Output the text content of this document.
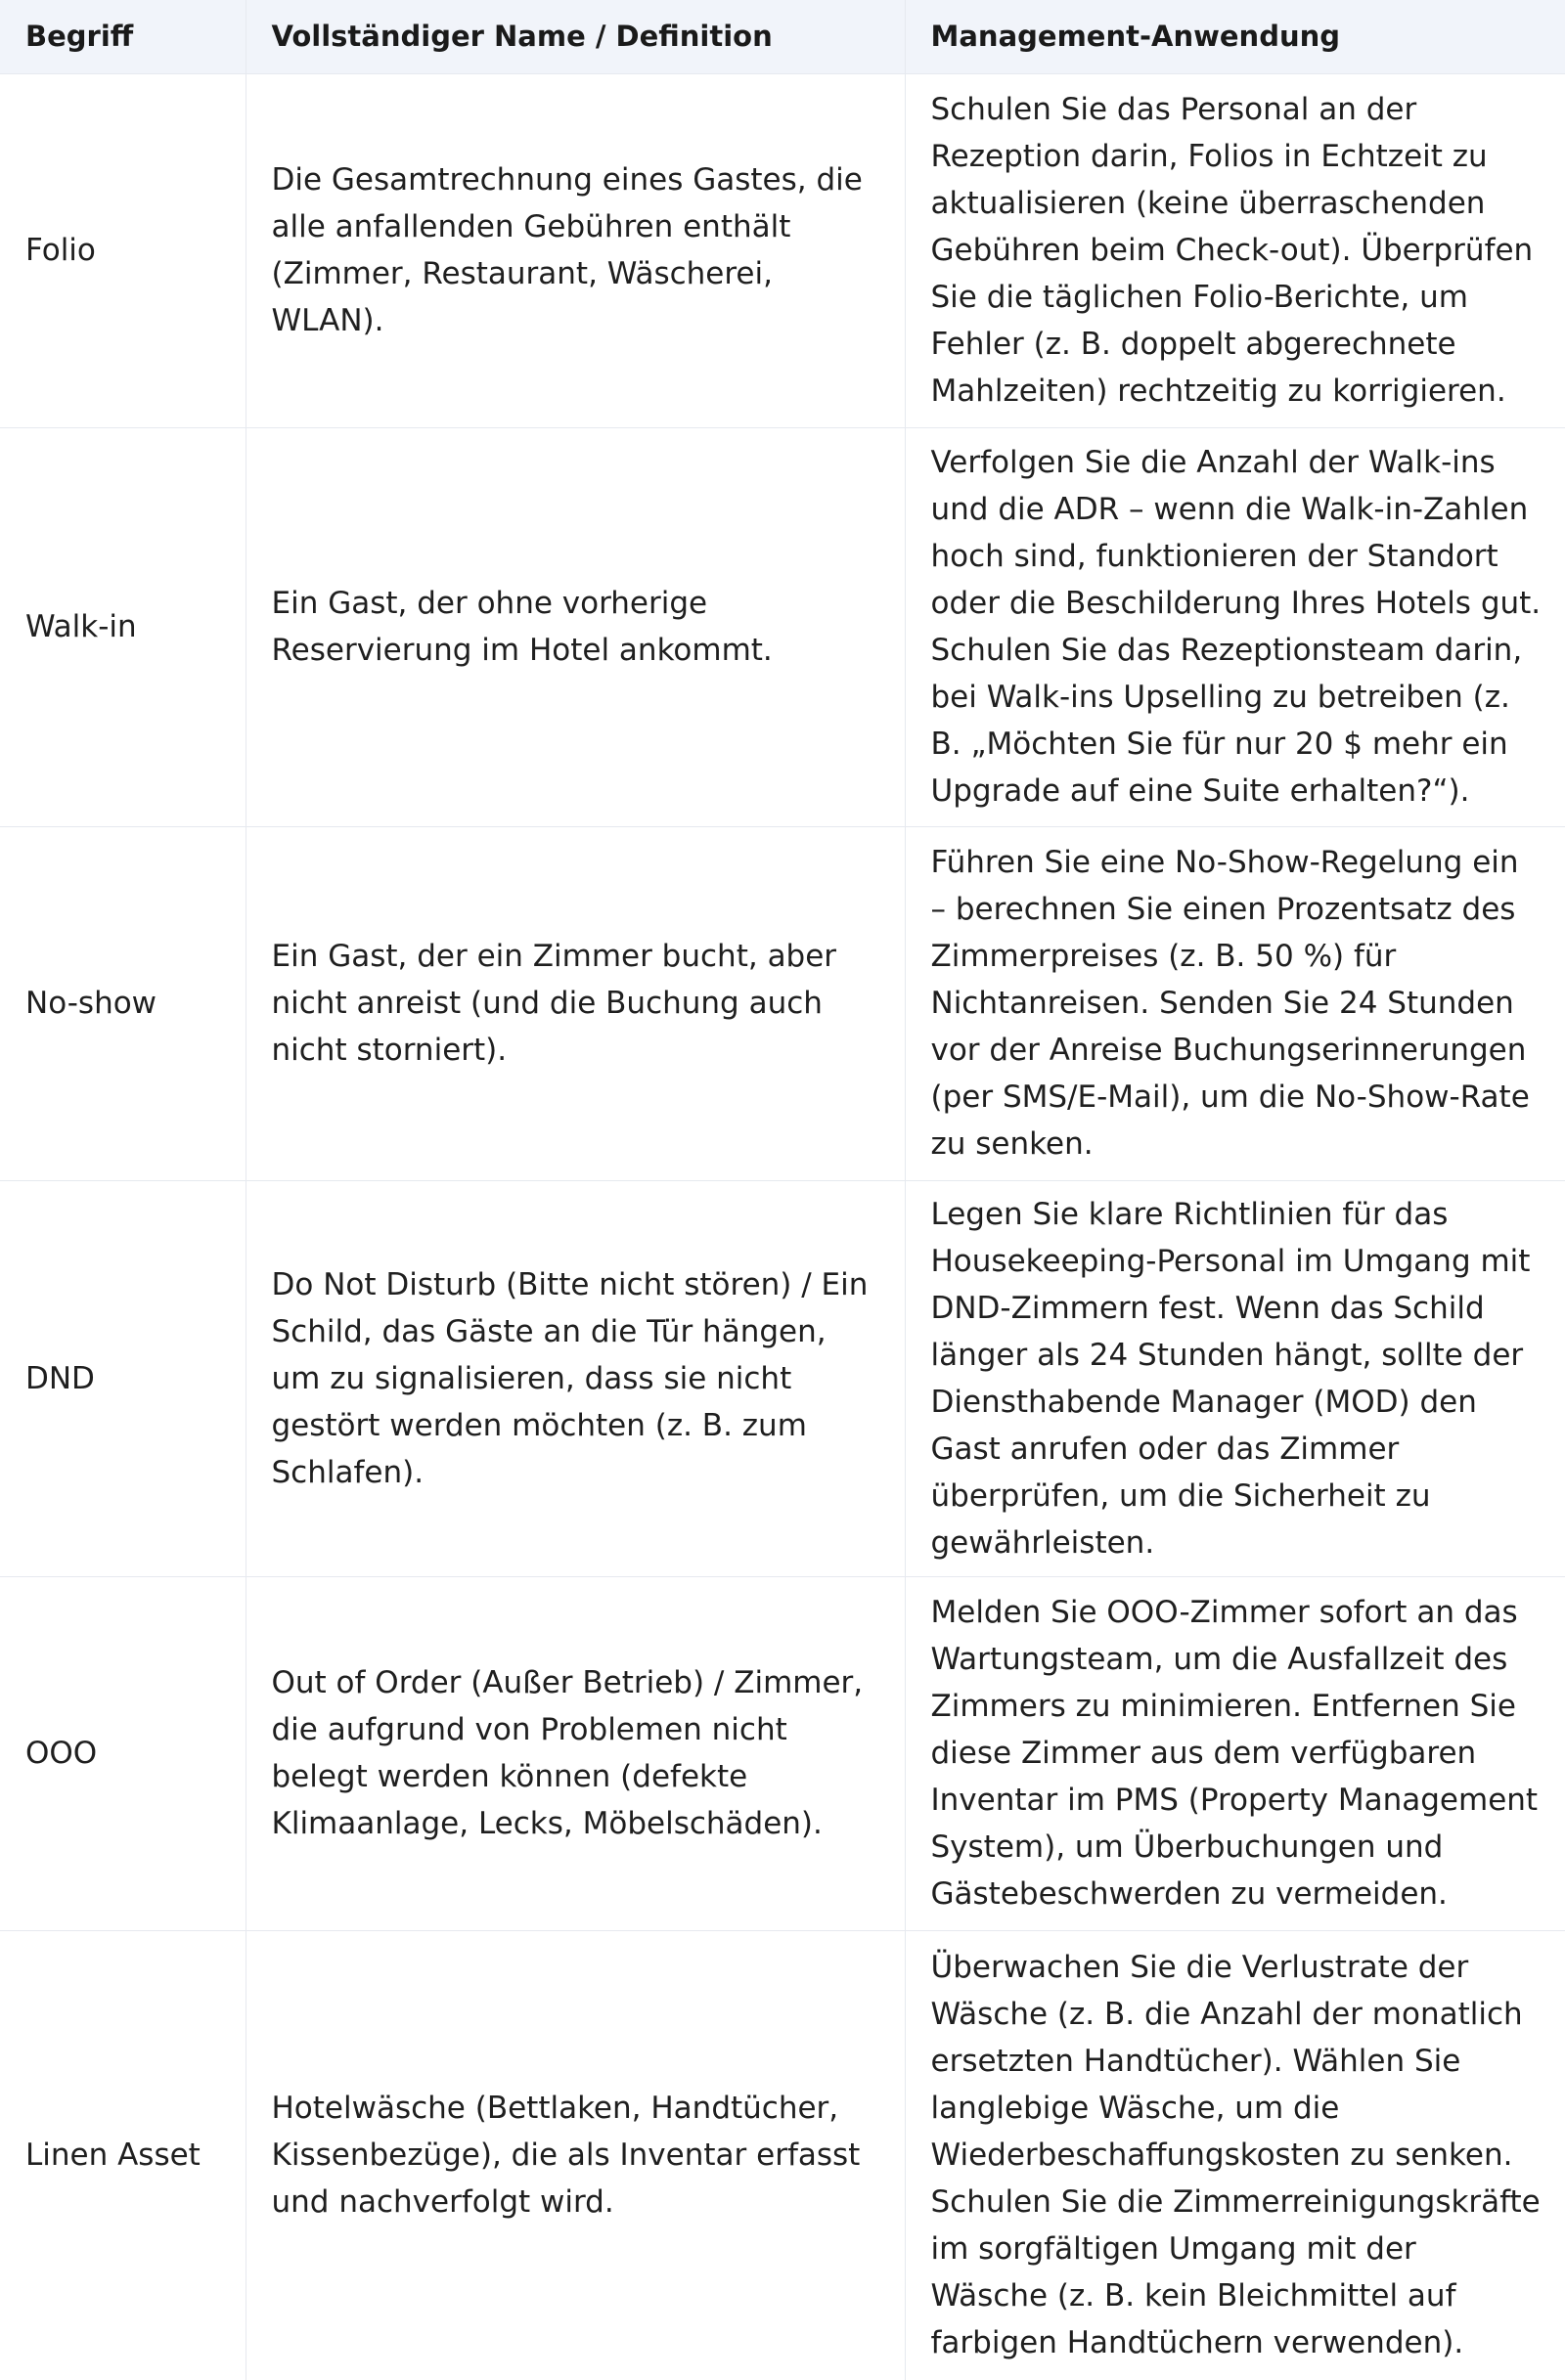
Begriff	Vollständiger Name / Definition	Management-Anwendung
Folio	Die Gesamtrechnung eines Gastes, die alle anfallenden Gebühren enthält (Zimmer, Restaurant, Wäscherei, WLAN).	Schulen Sie das Personal an der Rezeption darin, Folios in Echtzeit zu aktualisieren (keine überraschenden Gebühren beim Check-out). Überprüfen Sie die täglichen Folio-Berichte, um Fehler (z. B. doppelt abgerechnete Mahlzeiten) rechtzeitig zu korrigieren.
Walk-in	Ein Gast, der ohne vorherige Reservierung im Hotel ankommt.	Verfolgen Sie die Anzahl der Walk-ins und die ADR – wenn die Walk-in-Zahlen hoch sind, funktionieren der Standort oder die Beschilderung Ihres Hotels gut. Schulen Sie das Rezeptionsteam darin, bei Walk-ins Upselling zu betreiben (z. B. „Möchten Sie für nur 20 $ mehr ein Upgrade auf eine Suite erhalten?“).
No-show	Ein Gast, der ein Zimmer bucht, aber nicht anreist (und die Buchung auch nicht storniert).	Führen Sie eine No-Show-Regelung ein – berechnen Sie einen Prozentsatz des Zimmerpreises (z. B. 50 %) für Nichtanreisen. Senden Sie 24 Stunden vor der Anreise Buchungserinnerungen (per SMS/E-Mail), um die No-Show-Rate zu senken.
DND	Do Not Disturb (Bitte nicht stören) / Ein Schild, das Gäste an die Tür hängen, um zu signalisieren, dass sie nicht gestört werden möchten (z. B. zum Schlafen).	Legen Sie klare Richtlinien für das Housekeeping-Personal im Umgang mit DND-Zimmern fest. Wenn das Schild länger als 24 Stunden hängt, sollte der Diensthabende Manager (MOD) den Gast anrufen oder das Zimmer überprüfen, um die Sicherheit zu gewährleisten.
OOO	Out of Order (Außer Betrieb) / Zimmer, die aufgrund von Problemen nicht belegt werden können (defekte Klimaanlage, Lecks, Möbelschäden).	Melden Sie OOO-Zimmer sofort an das Wartungsteam, um die Ausfallzeit des Zimmers zu minimieren. Entfernen Sie diese Zimmer aus dem verfügbaren Inventar im PMS (Property Management System), um Überbuchungen und Gästebeschwerden zu vermeiden.
Linen Asset	Hotelwäsche (Bettlaken, Handtücher, Kissenbezüge), die als Inventar erfasst und nachverfolgt wird.	Überwachen Sie die Verlustrate der Wäsche (z. B. die Anzahl der monatlich ersetzten Handtücher). Wählen Sie langlebige Wäsche, um die Wiederbeschaffungskosten zu senken. Schulen Sie die Zimmerreinigungskräfte im sorgfältigen Umgang mit der Wäsche (z. B. kein Bleichmittel auf farbigen Handtüchern verwenden).
